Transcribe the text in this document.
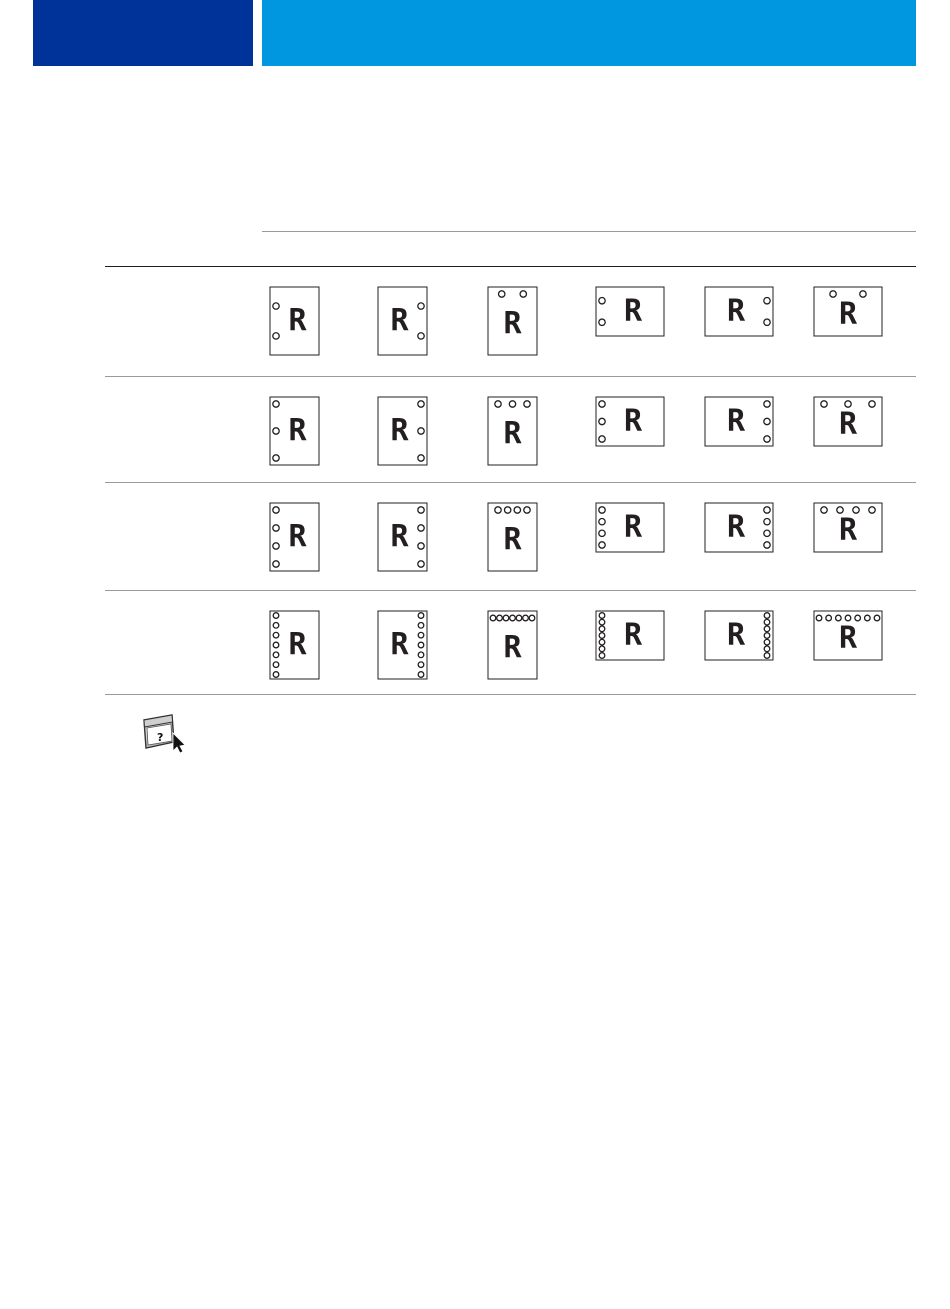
R	R	R	R	R	R
R	R	R	R	R	R
R	R	R	R	R	R
R	R	R	R	R	R
?
